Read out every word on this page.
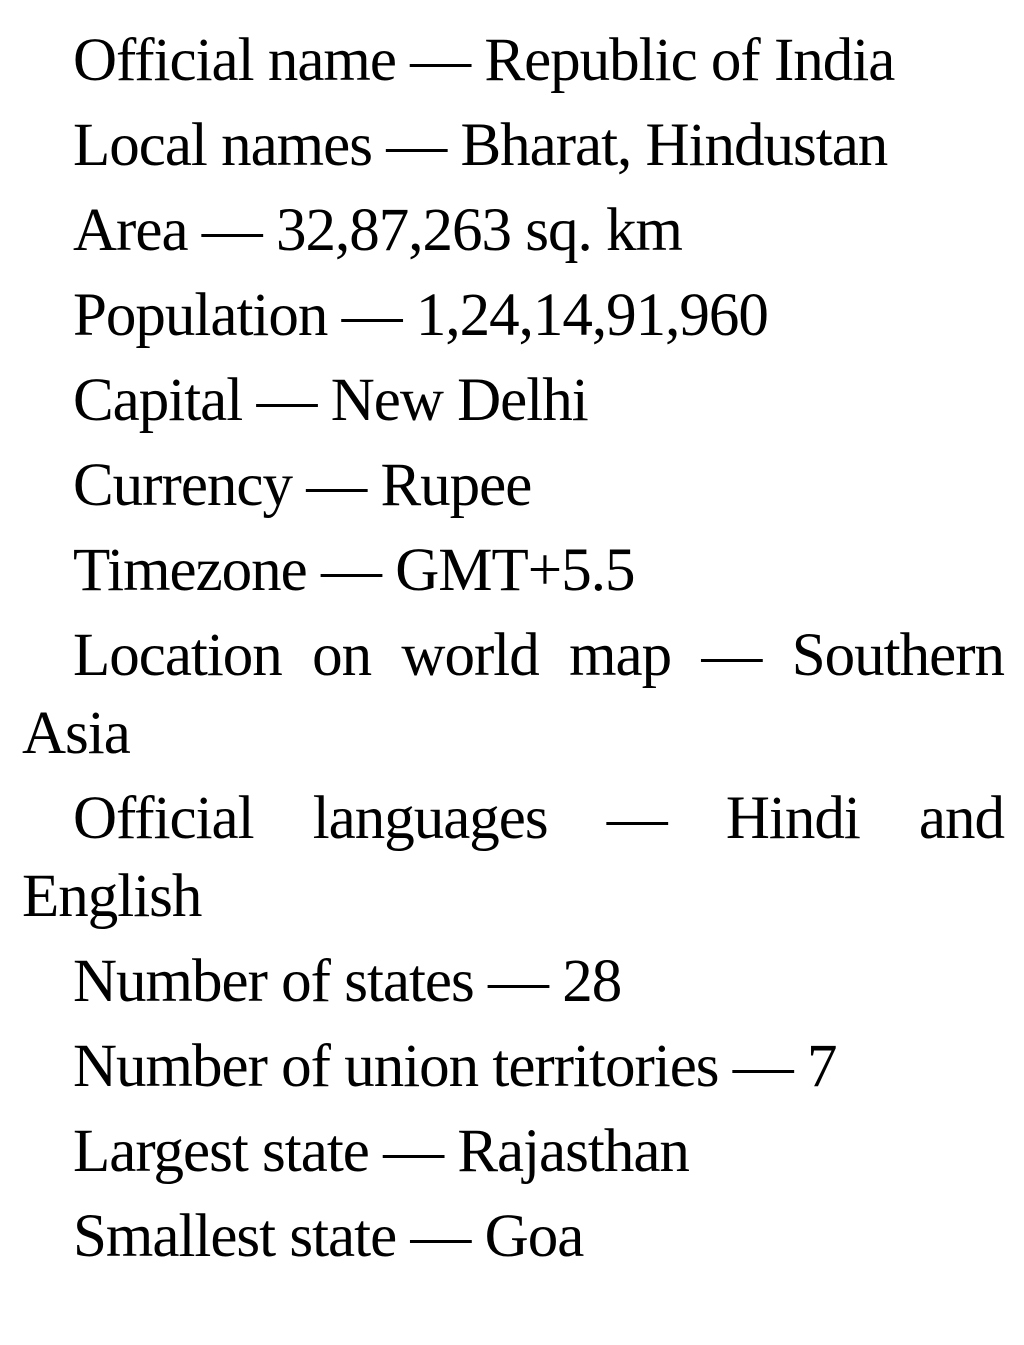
Official name — Republic of India

Local names — Bharat, Hindustan

Area — 32,87,263 sq. km

Population — 1,24,14,91,960

Capital — New Delhi

Currency — Rupee

Timezone — GMT+5.5

Location on world map — Southern Asia

Official languages — Hindi and English

Number of states — 28

Number of union territories — 7

Largest state — Rajasthan

Smallest state — Goa
